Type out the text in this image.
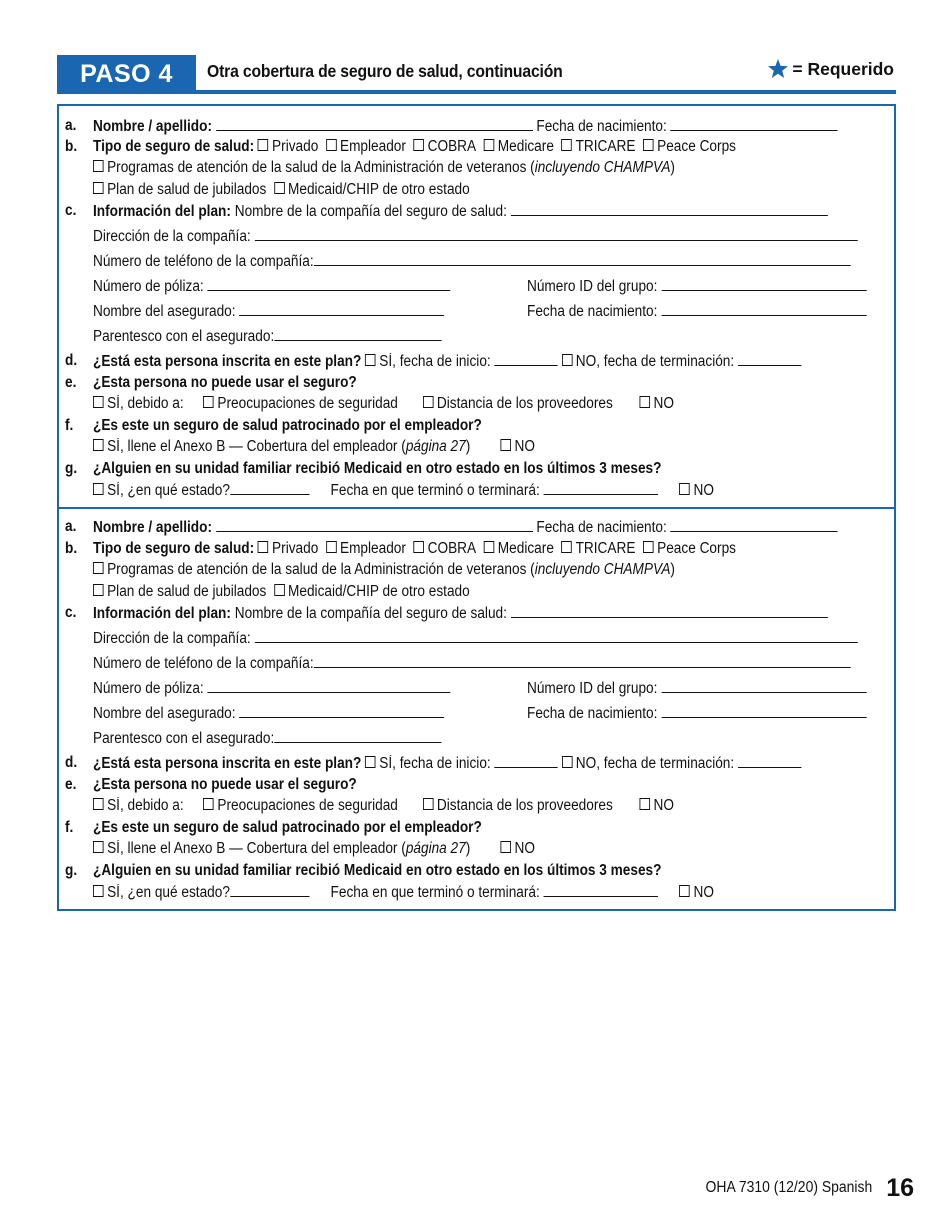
PASO 4	Otra cobertura de seguro de salud, continuación	= Requerido
a. Nombre / apellido:	Fecha de nacimiento:
b. Tipo de seguro de salud: Privado Empleador COBRA Medicare TRICARE Peace Corps
Programas de atención de la salud de la Administración de veteranos (incluyendo CHAMPVA)
Plan de salud de jubilados Medicaid/CHIP de otro estado
c. Información del plan: Nombre de la compañía del seguro de salud:
Dirección de la compañía:
Número de teléfono de la compañía:
Número de póliza:	Número ID del grupo:
Nombre del asegurado:	Fecha de nacimiento:
Parentesco con el asegurado:
d. ¿Está esta persona inscrita en este plan? SÍ, fecha de inicio:	NO, fecha de terminación:
e. ¿Esta persona no puede usar el seguro?
SÍ, debido a: Preocupaciones de seguridad	Distancia de los proveedores	NO
f. ¿Es este un seguro de salud patrocinado por el empleador?
SÍ, llene el Anexo B — Cobertura del empleador (página 27)	NO
g. ¿Alguien en su unidad familiar recibió Medicaid en otro estado en los últimos 3 meses?
SÍ, ¿en qué estado?	Fecha en que terminó o terminará:	NO
a. Nombre / apellido:	Fecha de nacimiento:
b. Tipo de seguro de salud: Privado Empleador COBRA Medicare TRICARE Peace Corps
Programas de atención de la salud de la Administración de veteranos (incluyendo CHAMPVA)
Plan de salud de jubilados Medicaid/CHIP de otro estado
c. Información del plan: Nombre de la compañía del seguro de salud:
Dirección de la compañía:
Número de teléfono de la compañía:
Número de póliza:	Número ID del grupo:
Nombre del asegurado:	Fecha de nacimiento:
Parentesco con el asegurado:
d. ¿Está esta persona inscrita en este plan? SÍ, fecha de inicio:	NO, fecha de terminación:
e. ¿Esta persona no puede usar el seguro?
SÍ, debido a: Preocupaciones de seguridad	Distancia de los proveedores	NO
f. ¿Es este un seguro de salud patrocinado por el empleador?
SÍ, llene el Anexo B — Cobertura del empleador (página 27)	NO
g. ¿Alguien en su unidad familiar recibió Medicaid en otro estado en los últimos 3 meses?
SÍ, ¿en qué estado?	Fecha en que terminó o terminará:	NO
OHA 7310 (12/20) Spanish 16
